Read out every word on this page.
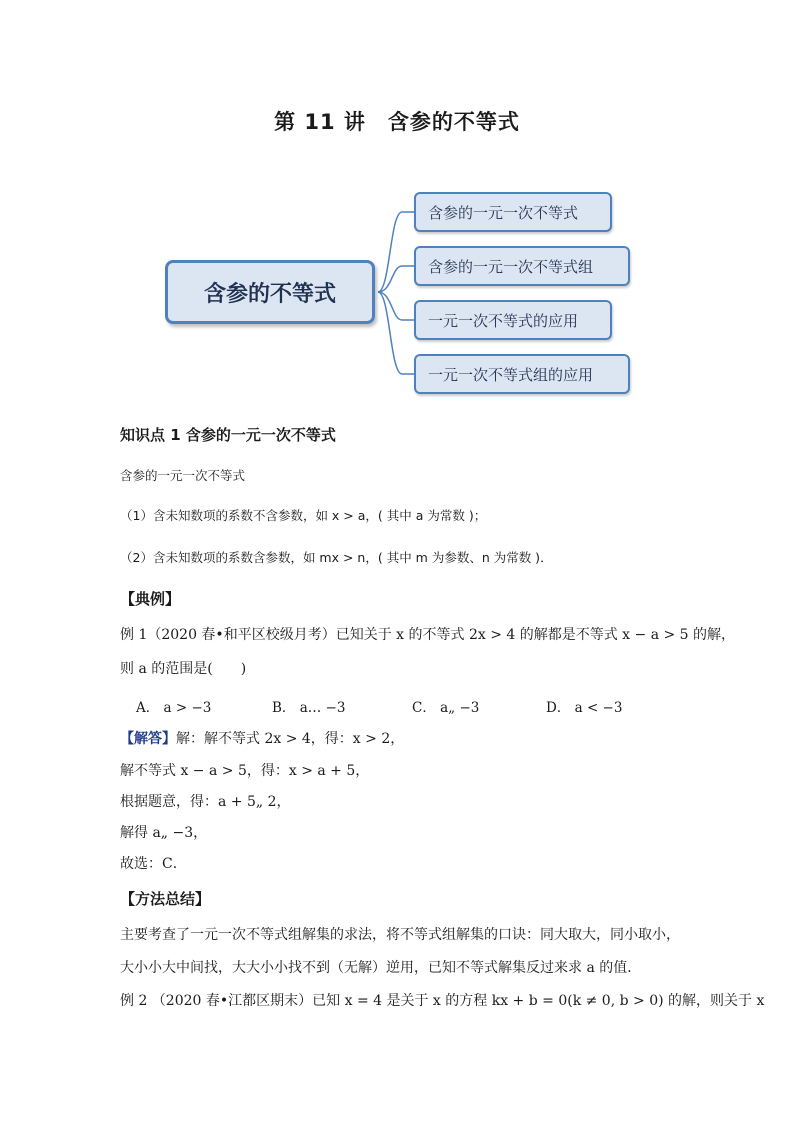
第 11 讲　含参的不等式
含参的不等式
含参的一元一次不等式
含参的一元一次不等式组
一元一次不等式的应用
一元一次不等式组的应用
知识点 1 含参的一元一次不等式
含参的一元一次不等式
（1）含未知数项的系数不含参数，如 x > a，( 其中 a 为常数 )；
（2）含未知数项的系数含参数，如 mx > n，( 其中 m 为参数、n 为常数 )．
【典例】
例 1（2020 春•和平区校级月考）已知关于 x 的不等式 2x > 4 的解都是不等式 x − a > 5 的解，
则 a 的范围是(　　)
A． a > −3	B． a… −3	C． a„ −3	D． a < −3
【解答】解：解不等式 2x > 4，得：x > 2，
解不等式 x − a > 5，得：x > a + 5，
根据题意，得：a + 5„ 2，
解得 a„ −3，
故选：C．
【方法总结】
主要考查了一元一次不等式组解集的求法，将不等式组解集的口诀：同大取大，同小取小，
大小小大中间找，大大小小找不到（无解）逆用，已知不等式解集反过来求 a 的值．
例 2 （2020 春•江都区期末）已知 x = 4 是关于 x 的方程 kx + b = 0(k ≠ 0, b > 0) 的解，则关于 x
